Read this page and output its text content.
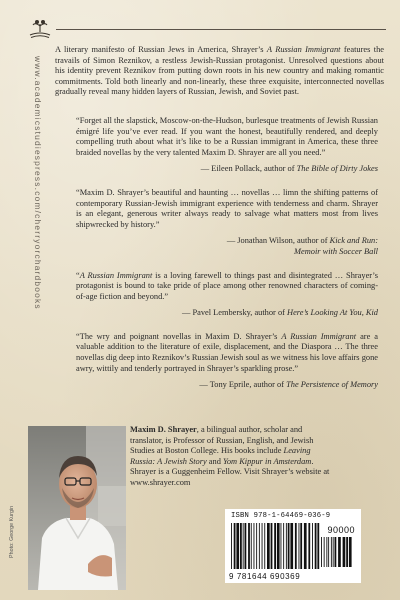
www.academicstudiespress.com/cherryorchardbooks

A literary manifesto of Russian Jews in America, Shrayer’s A Russian Immigrant features the travails of Simon Reznikov, a restless Jewish-Russian protagonist. Unresolved questions about his identity prevent Reznikov from putting down roots in his new country and making romantic commitments. Told both linearly and non-linearly, these three exquisite, interconnected novellas gradually reveal many hidden layers of Russian, Jewish, and Soviet past.

“Forget all the slapstick, Moscow-on-the-Hudson, burlesque treatments of Jewish Russian émigré life you’ve ever read. If you want the honest, beautifully rendered, and deeply compelling truth about what it’s like to be a Russian immigrant in America, these three braided novellas by the very talented Maxim D. Shrayer are all you need.”

— Eileen Pollack, author of The Bible of Dirty Jokes

“Maxim D. Shrayer’s beautiful and haunting … novellas … limn the shifting patterns of contemporary Russian-Jewish immigrant experience with tenderness and charm. Shrayer is an elegant, generous writer always ready to salvage what matters most from lives shipwrecked by history.”

— Jonathan Wilson, author of Kick and Run:

Memoir with Soccer Ball

“A Russian Immigrant is a loving farewell to things past and disintegrated … Shrayer’s protagonist is bound to take pride of place among other renowned characters of coming-of-age fiction and beyond.”

— Pavel Lembersky, author of Here’s Looking At You, Kid

“The wry and poignant novellas in Maxim D. Shrayer’s A Russian Immigrant are a valuable addition to the literature of exile, displacement, and the Diaspora … The three novellas dig deep into Reznikov’s Russian Jewish soul as we witness his love affairs gone awry, wittily and tenderly portrayed in Shrayer’s sparkling prose.”

— Tony Eprile, author of The Persistence of Memory

Photo: George Kurgin
Maxim D. Shrayer, a bilingual author, scholar and translator, is Professor of Russian, English, and Jewish Studies at Boston College. His books include Leaving Russia: A Jewish Story and Yom Kippur in Amsterdam. Shrayer is a Guggenheim Fellow. Visit Shrayer’s website at www.shrayer.com
ISBN 978-1-64469-036-9
90000
9 781644 690369
